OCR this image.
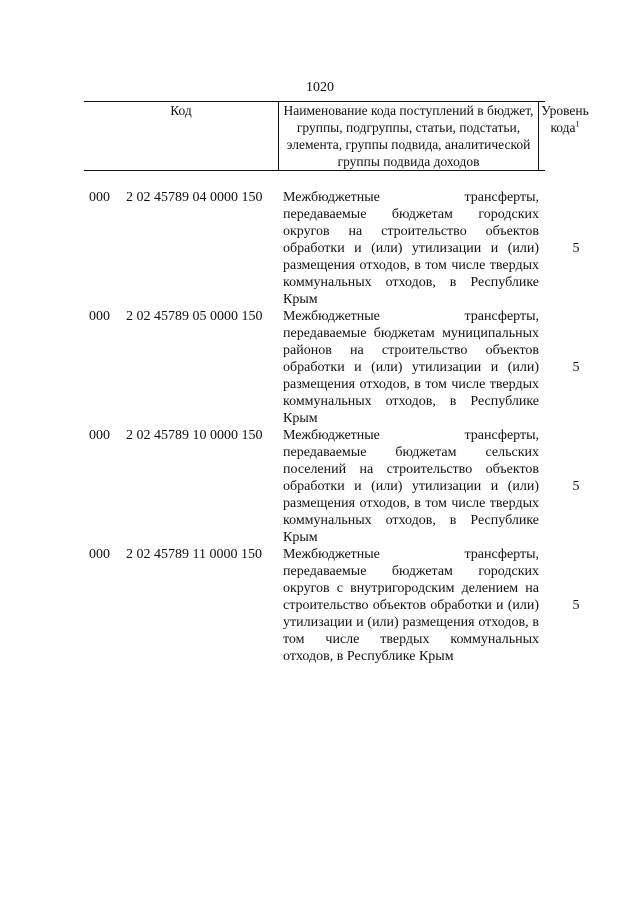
1020
Код	Наименование кода поступлений в бюджет, группы, подгруппы, статьи, подстатьи, элемента, группы подвида, аналитической группы подвида доходов
Уровень
кода$^1$
000 2 02 45789 04 0000 150 Межбюджетные трансферты, передаваемые бюджетам городских округов на строительство объектов обработки и (или) утилизации и (или) размещения отходов, в том числе твердых коммунальных отходов, в Республике Крым
5
000 2 02 45789 05 0000 150 Межбюджетные трансферты, передаваемые бюджетам муниципальных районов на строительство объектов обработки и (или) утилизации и (или) размещения отходов, в том числе твердых коммунальных отходов, в Республике Крым
5
000 2 02 45789 10 0000 150 Межбюджетные трансферты, передаваемые бюджетам сельских поселений на строительство объектов обработки и (или) утилизации и (или) размещения отходов, в том числе твердых коммунальных отходов, в Республике Крым
5
000 2 02 45789 11 0000 150 Межбюджетные трансферты, передаваемые бюджетам городских округов с внутригородским делением на строительство объектов обработки и (или) утилизации и (или) размещения отходов, в том числе твердых коммунальных отходов, в Республике Крым
5
